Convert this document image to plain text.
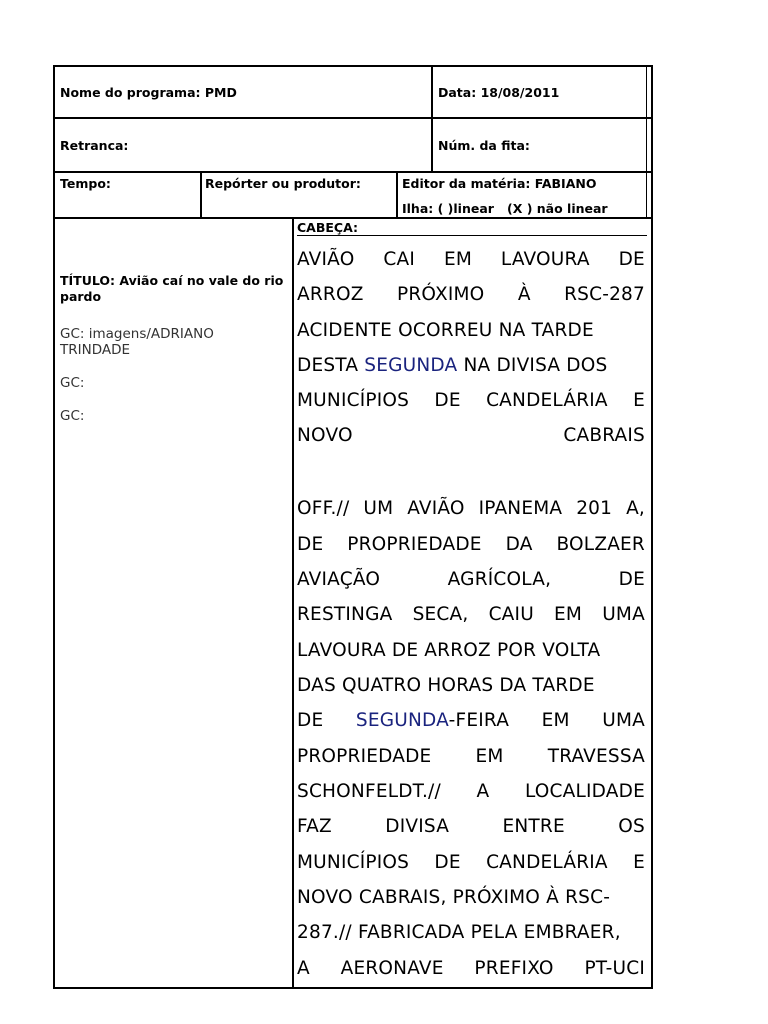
Nome do programa: PMD	Data: 18/08/2011
Retranca:	Núm. da fita:
Tempo:	Repórter ou produtor:	Editor da matéria: FABIANO
Ilha: ( )linear   (X ) não linear
TÍTULO: Avião caí no vale do rio pardo
GC: imagens/ADRIANO TRINDADE
GC:
GC:
CABEÇA:
AVIÃO CAI EM LAVOURA DE
ARROZ PRÓXIMO À RSC-287
ACIDENTE OCORREU NA TARDE
DESTA SEGUNDA NA DIVISA DOS
MUNICÍPIOS DE CANDELÁRIA E
NOVO	CABRAIS
OFF.// UM AVIÃO IPANEMA 201 A,
DE PROPRIEDADE DA BOLZAER
AVIAÇÃO	AGRÍCOLA,	DE
RESTINGA SECA, CAIU EM UMA
LAVOURA DE ARROZ POR VOLTA
DAS QUATRO HORAS DA TARDE
DE SEGUNDA-FEIRA EM UMA
PROPRIEDADE EM TRAVESSA
SCHONFELDT.// A LOCALIDADE
FAZ	DIVISA	ENTRE	OS
MUNICÍPIOS DE CANDELÁRIA E
NOVO CABRAIS, PRÓXIMO À RSC-
287.// FABRICADA PELA EMBRAER,
A AERONAVE PREFIXO PT-UCI
